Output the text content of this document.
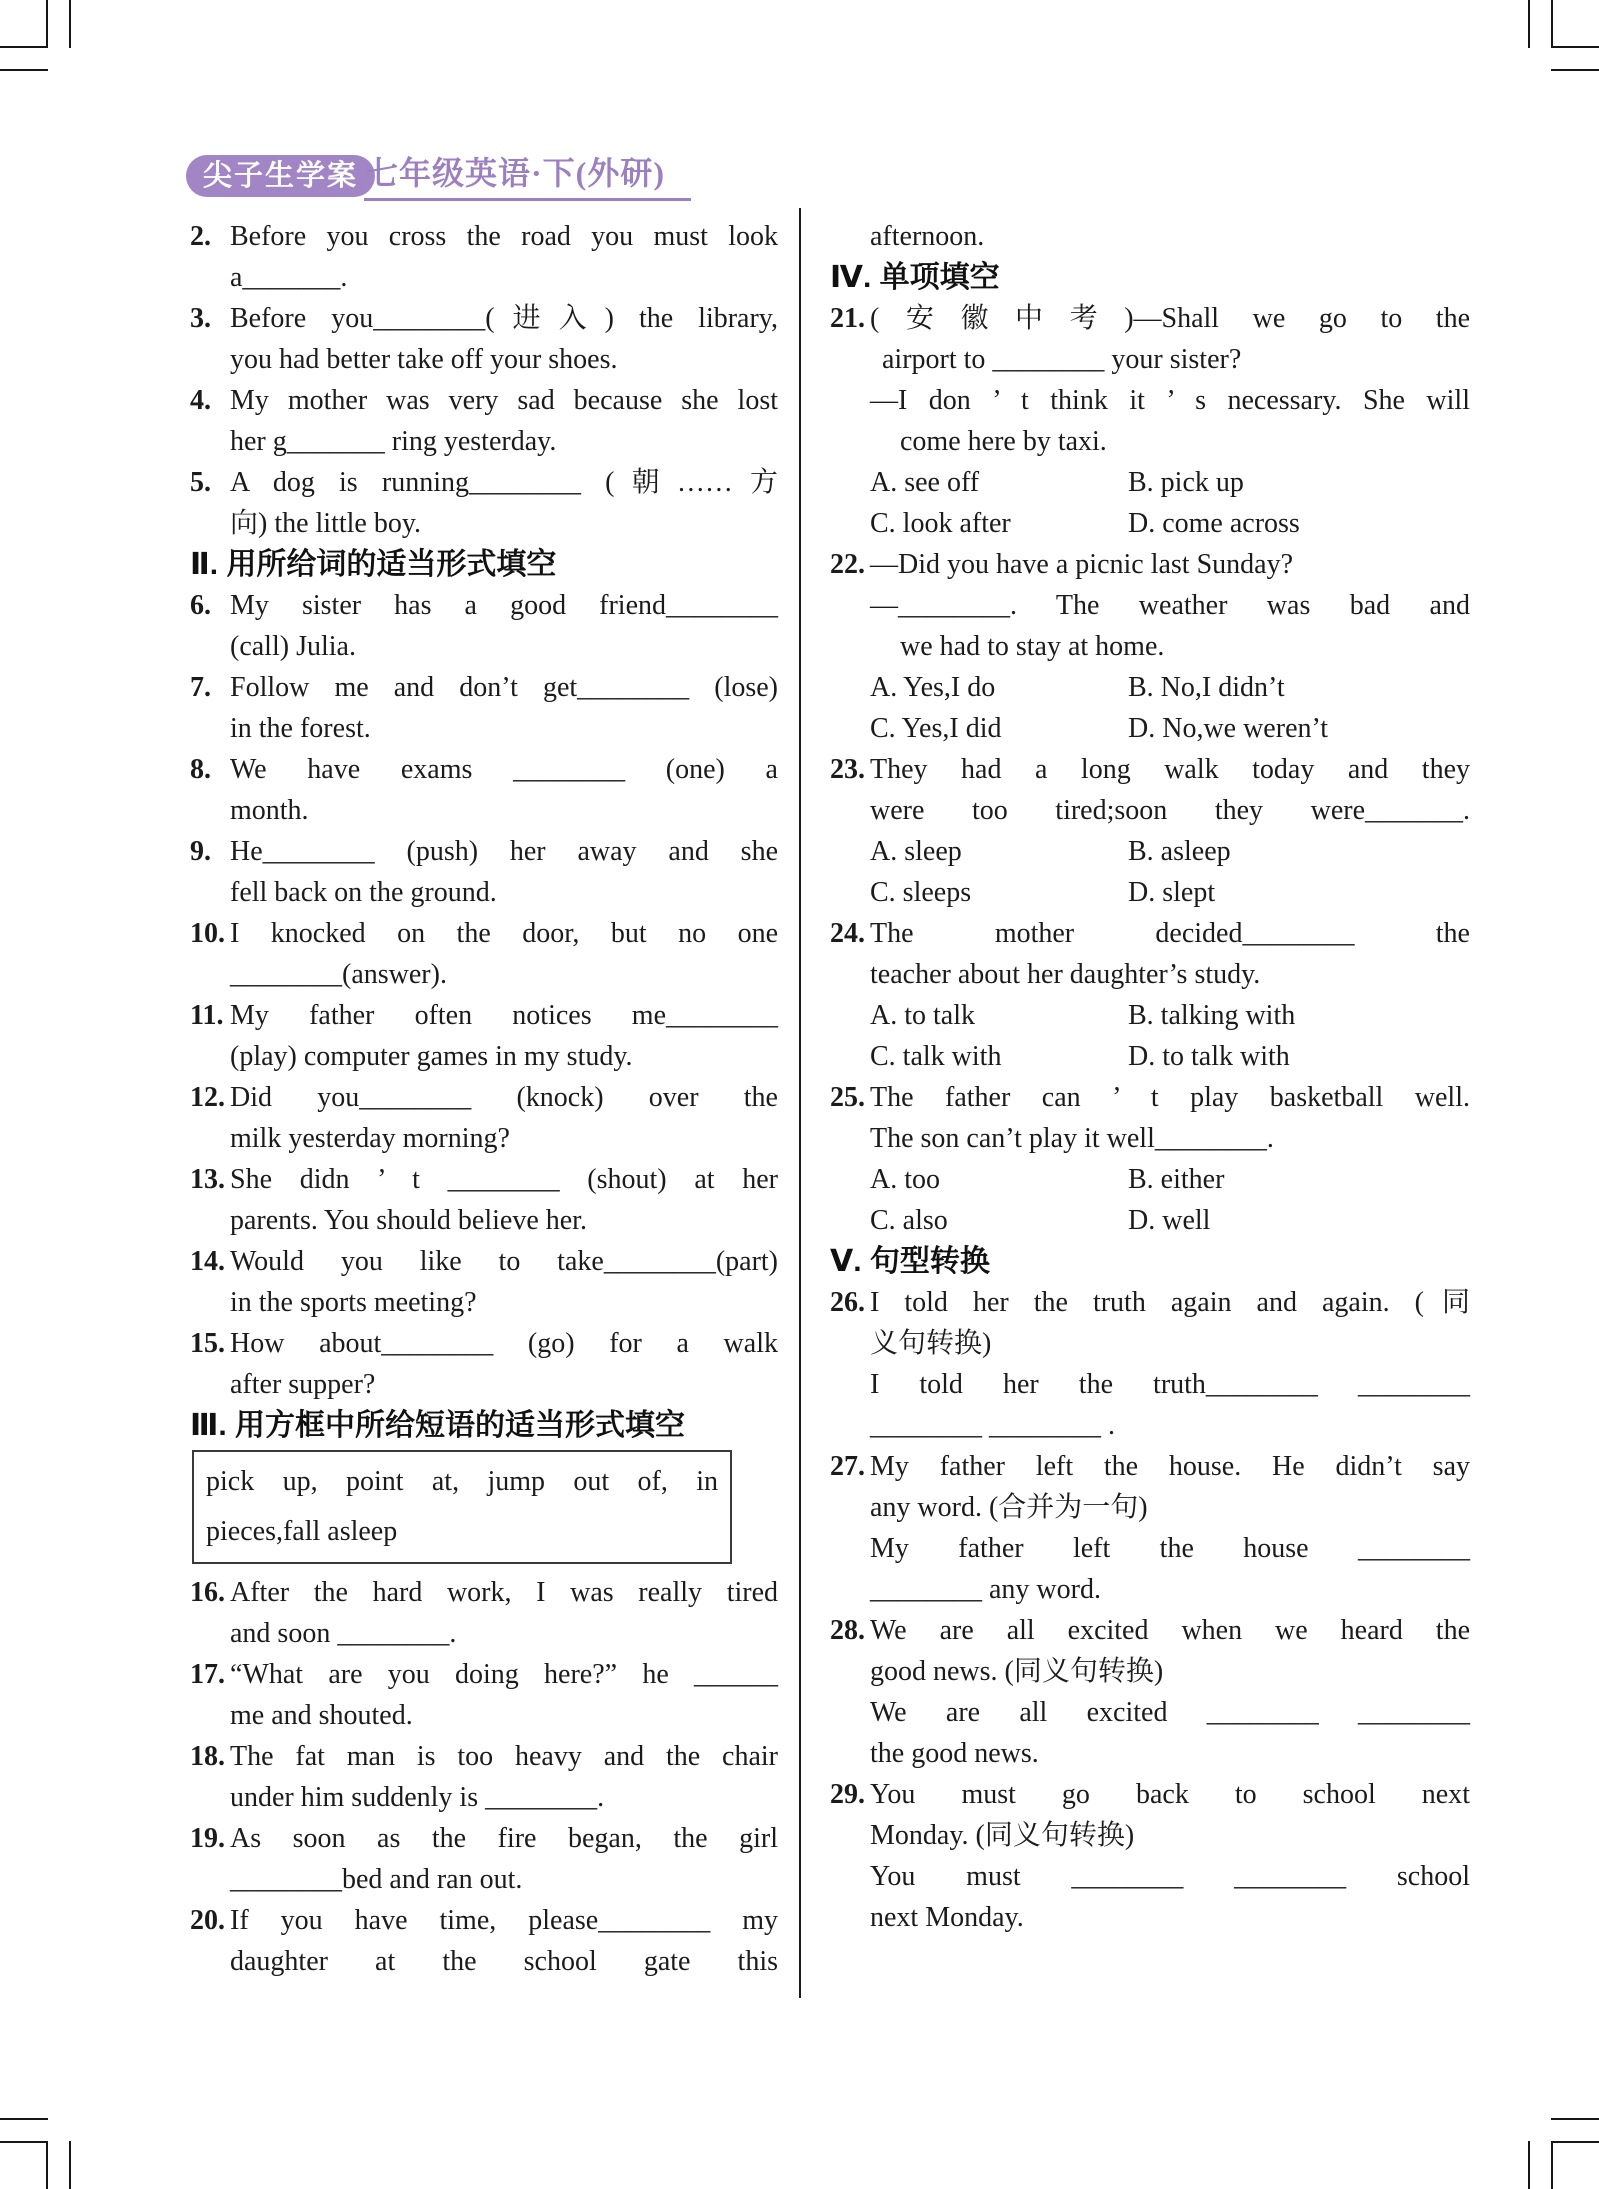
尖子生学案 七年级英语·下(外研)
2. Before you cross the road you must look
a_______.
3. Before you________(进入) the library,
you had better take off your shoes.
4. My mother was very sad because she lost
her g_______ ring yesterday.
5. A dog is running________ (朝……方
向) the little boy.
Ⅱ. 用所给词的适当形式填空
6. My sister has a good friend________
(call) Julia.
7. Follow me and don’t get________ (lose)
in the forest.
8. We have exams ________ (one) a
month.
9. He________ (push) her away and she
fell back on the ground.
10. I knocked on the door, but no one
________(answer).
11. My father often notices me________
(play) computer games in my study.
12. Did you________ (knock) over the
milk yesterday morning?
13. She didn ’ t ________ (shout) at her
parents. You should believe her.
14. Would you like to take________(part)
in the sports meeting?
15. How about________ (go) for a walk
after supper?
Ⅲ. 用方框中所给短语的适当形式填空
pick up, point at, jump out of, in
pieces,fall asleep
16. After the hard work, I was really tired
and soon ________.
17. “What are you doing here?” he ______
me and shouted.
18. The fat man is too heavy and the chair
under him suddenly is ________.
19. As soon as the fire began, the girl
________bed and ran out.
20. If you have time, please________ my
daughter at the school gate this
afternoon.
Ⅳ. 单项填空
21. (安徽中考)—Shall we go to the
airport to ________ your sister?
—I don ’ t think it ’ s necessary. She will
come here by taxi.
A. see off	B. pick up
C. look after	D. come across
22. —Did you have a picnic last Sunday?
—________. The weather was bad and
we had to stay at home.
A. Yes,I do	B. No,I didn’t
C. Yes,I did	D. No,we weren’t
23. They had a long walk today and they
were too tired;soon they were_______.
A. sleep	B. asleep
C. sleeps	D. slept
24. The mother decided________ the
teacher about her daughter’s study.
A. to talk	B. talking with
C. talk with	D. to talk with
25. The father can ’ t play basketball well.
The son can’t play it well________.
A. too	B. either
C. also	D. well
Ⅴ. 句型转换
26. I told her the truth again and again. (同
义句转换)
I told her the truth________ ________
________ ________ .
27. My father left the house. He didn’t say
any word. (合并为一句)
My father left the house ________
________ any word.
28. We are all excited when we heard the
good news. (同义句转换)
We are all excited ________ ________
the good news.
29. You must go back to school next
Monday. (同义句转换)
You must ________ ________ school
next Monday.
